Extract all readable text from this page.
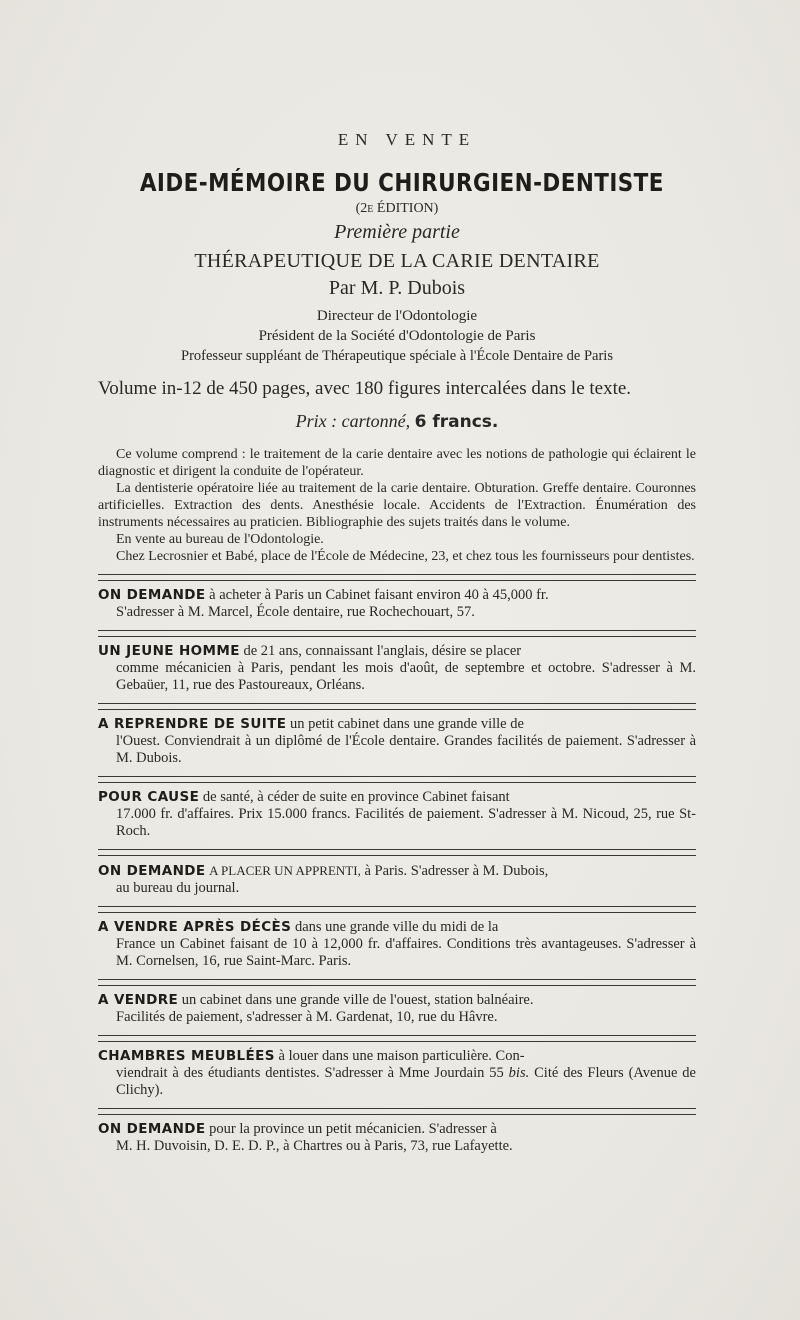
EN VENTE
AIDE-MÉMOIRE DU CHIRURGIEN-DENTISTE
(2e ÉDITION)
Première partie
THÉRAPEUTIQUE DE LA CARIE DENTAIRE
Par M. P. Dubois
Directeur de l'Odontologie
Président de la Société d'Odontologie de Paris
Professeur suppléant de Thérapeutique spéciale à l'École Dentaire de Paris
Volume in-12 de 450 pages, avec 180 figures intercalées dans le texte.
Prix : cartonné, 6 francs.

Ce volume comprend : le traitement de la carie dentaire avec les notions de pathologie qui éclairent le diagnostic et dirigent la conduite de l'opérateur.

La dentisterie opératoire liée au traitement de la carie dentaire. Obturation. Greffe dentaire. Couronnes artificielles. Extraction des dents. Anesthésie locale. Accidents de l'Extraction. Énumération des instruments nécessaires au praticien. Bibliographie des sujets traités dans le volume.

En vente au bureau de l'Odontologie.

Chez Lecrosnier et Babé, place de l'École de Médecine, 23, et chez tous les fournisseurs pour dentistes.

ON DEMANDE à acheter à Paris un Cabinet faisant environ 40 à 45,000 fr.

S'adresser à M. Marcel, École dentaire, rue Rochechouart, 57.

UN JEUNE HOMME de 21 ans, connaissant l'anglais, désire se placer

comme mécanicien à Paris, pendant les mois d'août, de septembre et octobre. S'adresser à M. Gebaüer, 11, rue des Pastoureaux, Orléans.

A REPRENDRE DE SUITE un petit cabinet dans une grande ville de

l'Ouest. Conviendrait à un diplômé de l'École dentaire. Grandes facilités de paiement. S'adresser à M. Dubois.

POUR CAUSE de santé, à céder de suite en province Cabinet faisant

17.000 fr. d'affaires. Prix 15.000 francs. Facilités de paiement. S'adresser à M. Nicoud, 25, rue St-Roch.

ON DEMANDE A PLACER UN APPRENTI, à Paris. S'adresser à M. Dubois,

au bureau du journal.

A VENDRE APRÈS DÉCÈS dans une grande ville du midi de la

France un Cabinet faisant de 10 à 12,000 fr. d'affaires. Conditions très avantageuses. S'adresser à M. Cornelsen, 16, rue Saint-Marc. Paris.

A VENDRE un cabinet dans une grande ville de l'ouest, station balnéaire.

Facilités de paiement, s'adresser à M. Gardenat, 10, rue du Hâvre.

CHAMBRES MEUBLÉES à louer dans une maison particulière. Con-

viendrait à des étudiants dentistes. S'adresser à Mme Jourdain 55 bis. Cité des Fleurs (Avenue de Clichy).

ON DEMANDE pour la province un petit mécanicien. S'adresser à

M. H. Duvoisin, D. E. D. P., à Chartres ou à Paris, 73, rue Lafayette.
